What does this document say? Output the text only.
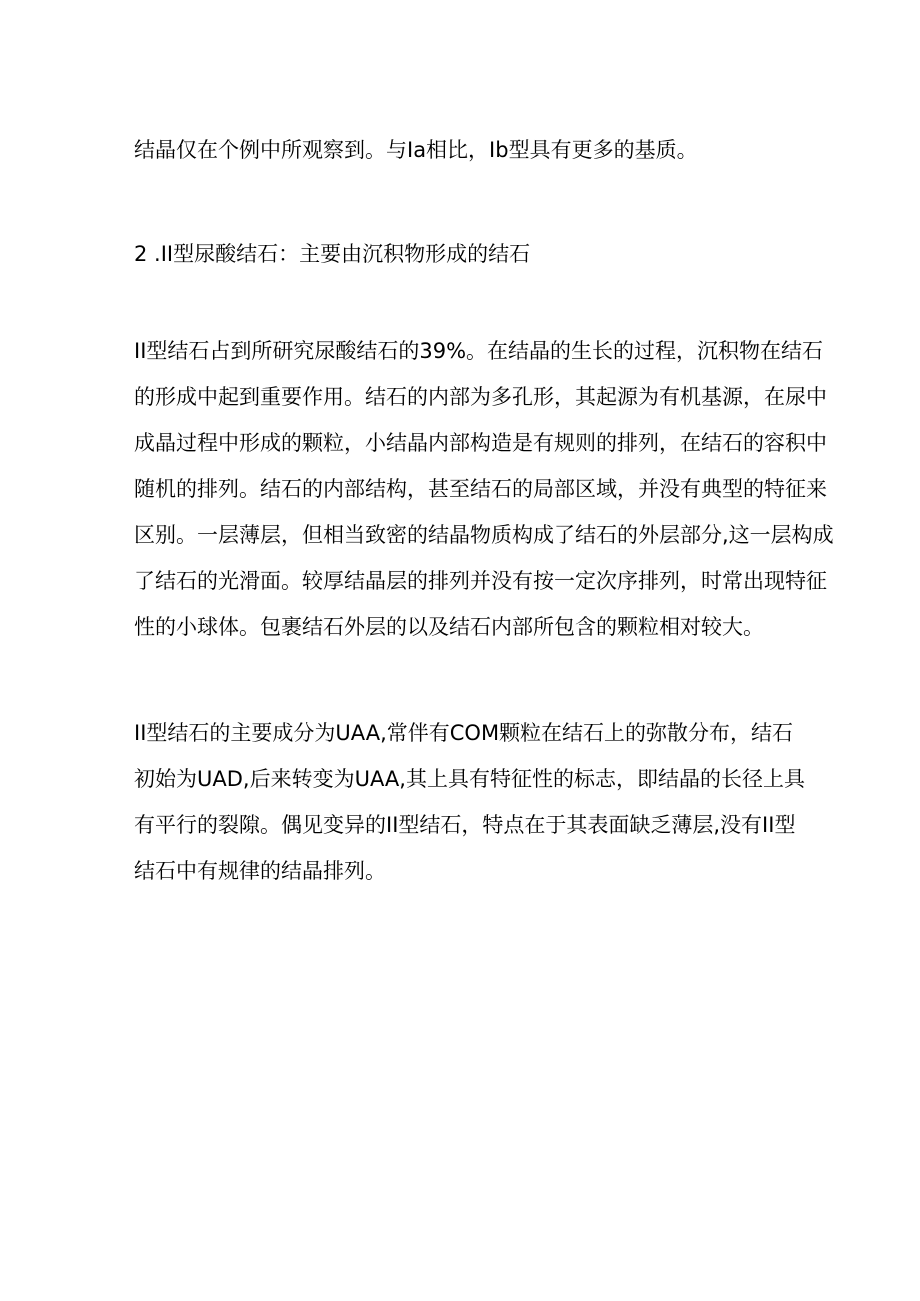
结晶仅在个例中所观察到。与Ia相比，Ib型具有更多的基质。
2 .II型尿酸结石：主要由沉积物形成的结石
II型结石占到所研究尿酸结石的39%。在结晶的生长的过程，沉积物在结石
的形成中起到重要作用。结石的内部为多孔形，其起源为有机基源，在尿中
成晶过程中形成的颗粒，小结晶内部构造是有规则的排列，在结石的容积中
随机的排列。结石的内部结构，甚至结石的局部区域，并没有典型的特征来
区别。一层薄层，但相当致密的结晶物质构成了结石的外层部分,这一层构成
了结石的光滑面。较厚结晶层的排列并没有按一定次序排列，时常出现特征
性的小球体。包裹结石外层的以及结石内部所包含的颗粒相对较大。
II型结石的主要成分为UAA,常伴有COM颗粒在结石上的弥散分布，结石
初始为UAD,后来转变为UAA,其上具有特征性的标志，即结晶的长径上具
有平行的裂隙。偶见变异的II型结石，特点在于其表面缺乏薄层,没有II型
结石中有规律的结晶排列。
